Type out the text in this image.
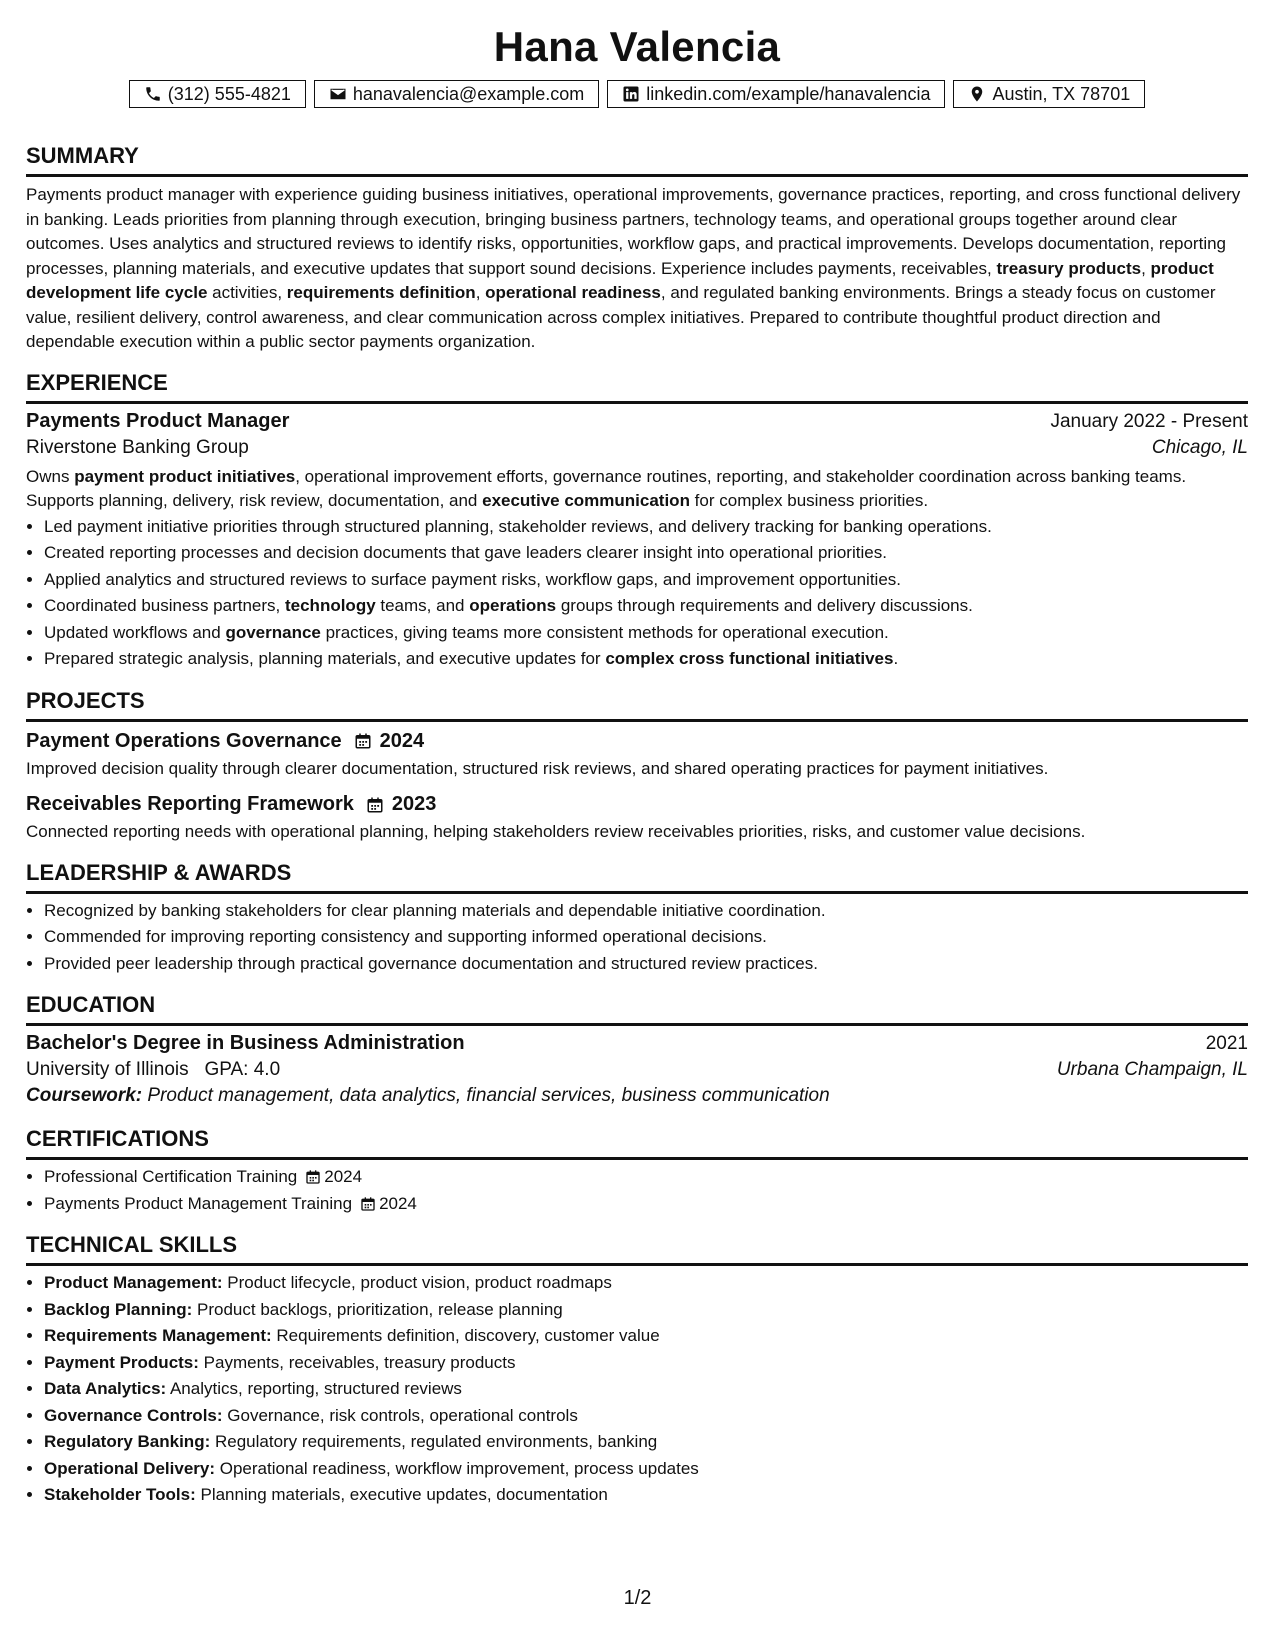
Hana Valencia
(312) 555-4821	hanavalencia@example.com	linkedin.com/example/hanavalencia	Austin, TX 78701
SUMMARY

Payments product manager with experience guiding business initiatives, operational improvements, governance practices, reporting, and cross functional delivery in banking. Leads priorities from planning through execution, bringing business partners, technology teams, and operational groups together around clear outcomes. Uses analytics and structured reviews to identify risks, opportunities, workflow gaps, and practical improvements. Develops documentation, reporting processes, planning materials, and executive updates that support sound decisions. Experience includes payments, receivables, treasury products, product development life cycle activities, requirements definition, operational readiness, and regulated banking environments. Brings a steady focus on customer value, resilient delivery, control awareness, and clear communication across complex initiatives. Prepared to contribute thoughtful product direction and dependable execution within a public sector payments organization.

EXPERIENCE
Payments Product Manager	January 2022 - Present
Riverstone Banking Group	Chicago, IL

Owns payment product initiatives, operational improvement efforts, governance routines, reporting, and stakeholder coordination across banking teams. Supports planning, delivery, risk review, documentation, and executive communication for complex business priorities.

• Led payment initiative priorities through structured planning, stakeholder reviews, and delivery tracking for banking operations.
• Created reporting processes and decision documents that gave leaders clearer insight into operational priorities.
• Applied analytics and structured reviews to surface payment risks, workflow gaps, and improvement opportunities.
• Coordinated business partners, technology teams, and operations groups through requirements and delivery discussions.
• Updated workflows and governance practices, giving teams more consistent methods for operational execution.
• Prepared strategic analysis, planning materials, and executive updates for complex cross functional initiatives.
PROJECTS
Payment Operations Governance 2024

Improved decision quality through clearer documentation, structured risk reviews, and shared operating practices for payment initiatives.

Receivables Reporting Framework 2023

Connected reporting needs with operational planning, helping stakeholders review receivables priorities, risks, and customer value decisions.

LEADERSHIP & AWARDS
• Recognized by banking stakeholders for clear planning materials and dependable initiative coordination.
• Commended for improving reporting consistency and supporting informed operational decisions.
• Provided peer leadership through practical governance documentation and structured review practices.
EDUCATION
Bachelor's Degree in Business Administration	2021
University of Illinois GPA: 4.0	Urbana Champaign, IL

Coursework: Product management, data analytics, financial services, business communication

CERTIFICATIONS
• Professional Certification Training 2024
• Payments Product Management Training 2024
TECHNICAL SKILLS
• Product Management: Product lifecycle, product vision, product roadmaps
• Backlog Planning: Product backlogs, prioritization, release planning
• Requirements Management: Requirements definition, discovery, customer value
• Payment Products: Payments, receivables, treasury products
• Data Analytics: Analytics, reporting, structured reviews
• Governance Controls: Governance, risk controls, operational controls
• Regulatory Banking: Regulatory requirements, regulated environments, banking
• Operational Delivery: Operational readiness, workflow improvement, process updates
• Stakeholder Tools: Planning materials, executive updates, documentation
1/2
